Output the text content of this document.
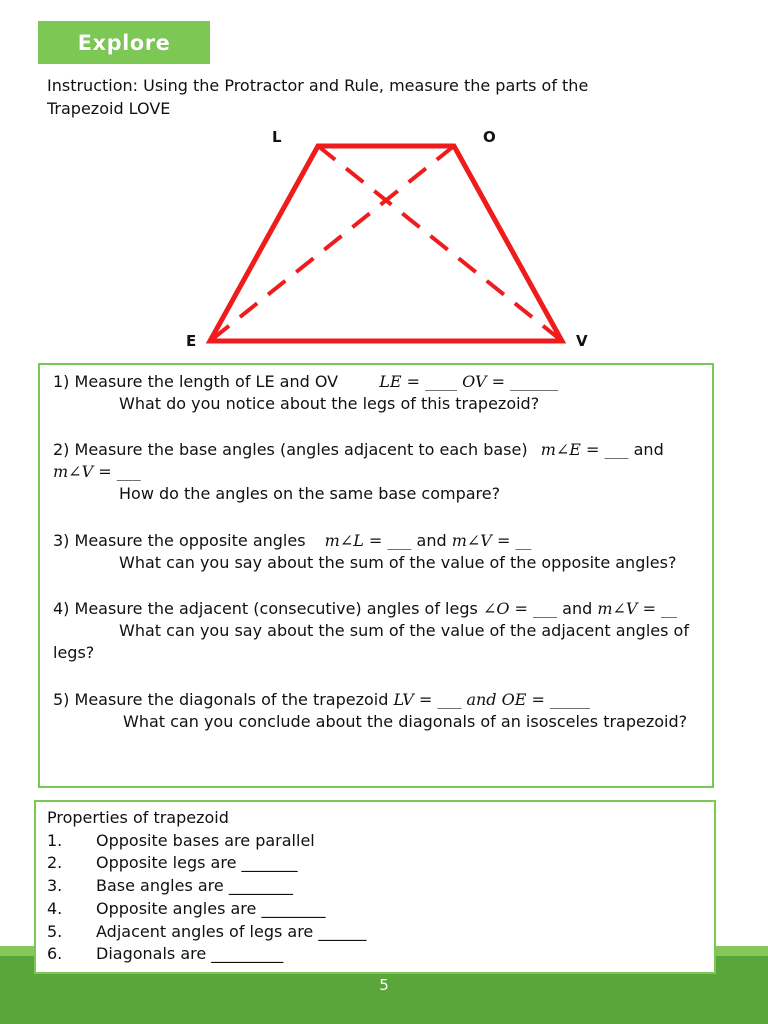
Explore
Instruction: Using the Protractor and Rule, measure the parts of the
Trapezoid LOVE
L	O
E	V
1) Measure the length of LE and OV	LE = ____ OV = ______
What do you notice about the legs of this trapezoid?
2) Measure the base angles (angles adjacent to each base) m∠E = ___ and
m∠V = ___
How do the angles on the same base compare?
3) Measure the opposite angles m∠L = ___ and m∠V = __
What can you say about the sum of the value of the opposite angles?
4) Measure the adjacent (consecutive) angles of legs ∠O = ___ and m∠V = __
What can you say about the sum of the value of the adjacent angles of
legs?
5) Measure the diagonals of the trapezoid LV = ___ and OE = _____
What can you conclude about the diagonals of an isosceles trapezoid?
5
Properties of trapezoid
1. Opposite bases are parallel
2. Opposite legs are _______
3. Base angles are ________
4. Opposite angles are ________
5. Adjacent angles of legs are ______
6. Diagonals are _________
